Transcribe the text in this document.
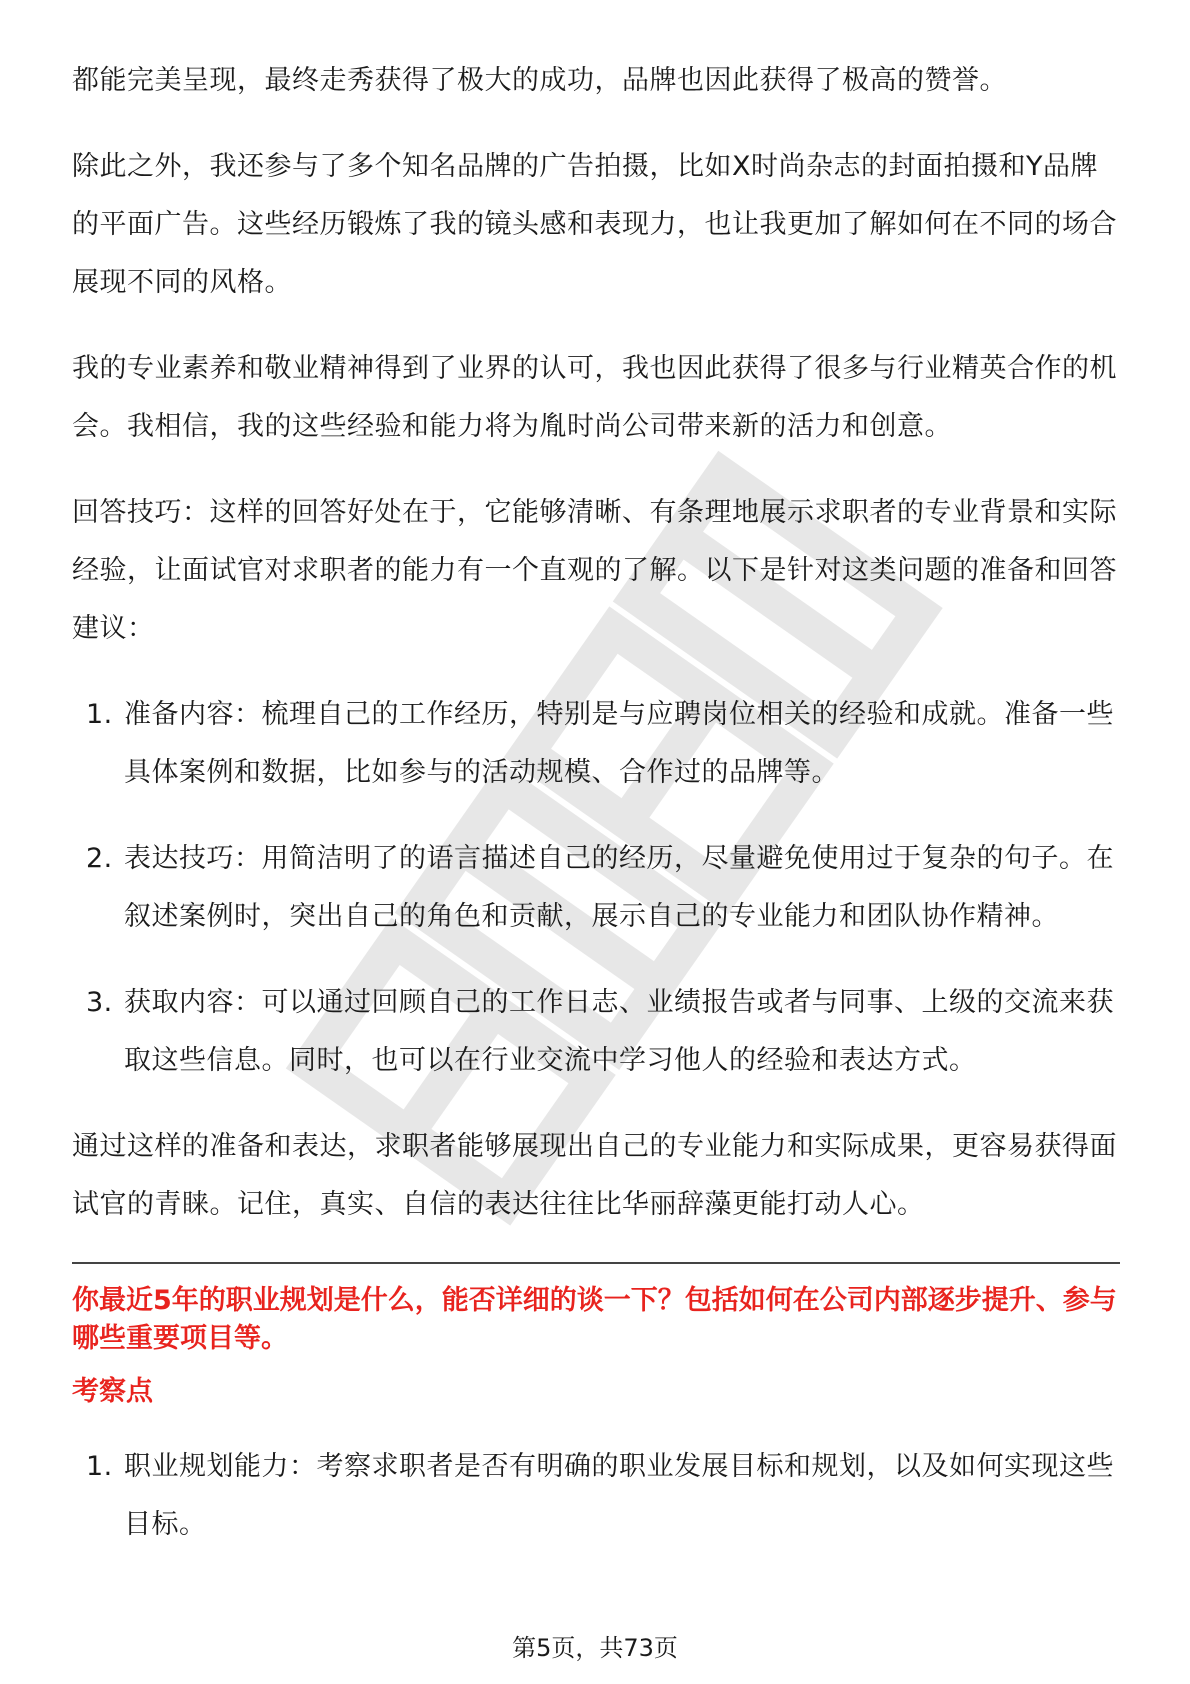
都能完美呈现，最终走秀获得了极大的成功，品牌也因此获得了极高的赞誉。

除此之外，我还参与了多个知名品牌的广告拍摄，比如X时尚杂志的封面拍摄和Y品牌的平面广告。这些经历锻炼了我的镜头感和表现力，也让我更加了解如何在不同的场合展现不同的风格。

我的专业素养和敬业精神得到了业界的认可，我也因此获得了很多与行业精英合作的机会。我相信，我的这些经验和能力将为胤时尚公司带来新的活力和创意。

回答技巧：这样的回答好处在于，它能够清晰、有条理地展示求职者的专业背景和实际经验，让面试官对求职者的能力有一个直观的了解。以下是针对这类问题的准备和回答建议：

1. 准备内容：梳理自己的工作经历，特别是与应聘岗位相关的经验和成就。准备一些具体案例和数据，比如参与的活动规模、合作过的品牌等。
2. 表达技巧：用简洁明了的语言描述自己的经历，尽量避免使用过于复杂的句子。在叙述案例时，突出自己的角色和贡献，展示自己的专业能力和团队协作精神。
3. 获取内容：可以通过回顾自己的工作日志、业绩报告或者与同事、上级的交流来获取这些信息。同时，也可以在行业交流中学习他人的经验和表达方式。

通过这样的准备和表达，求职者能够展现出自己的专业能力和实际成果，更容易获得面试官的青睐。记住，真实、自信的表达往往比华丽辞藻更能打动人心。

你最近5年的职业规划是什么，能否详细的谈一下？包括如何在公司内部逐步提升、参与哪些重要项目等。

考察点

1. 职业规划能力：考察求职者是否有明确的职业发展目标和规划，以及如何实现这些目标。
第5页，共73页
